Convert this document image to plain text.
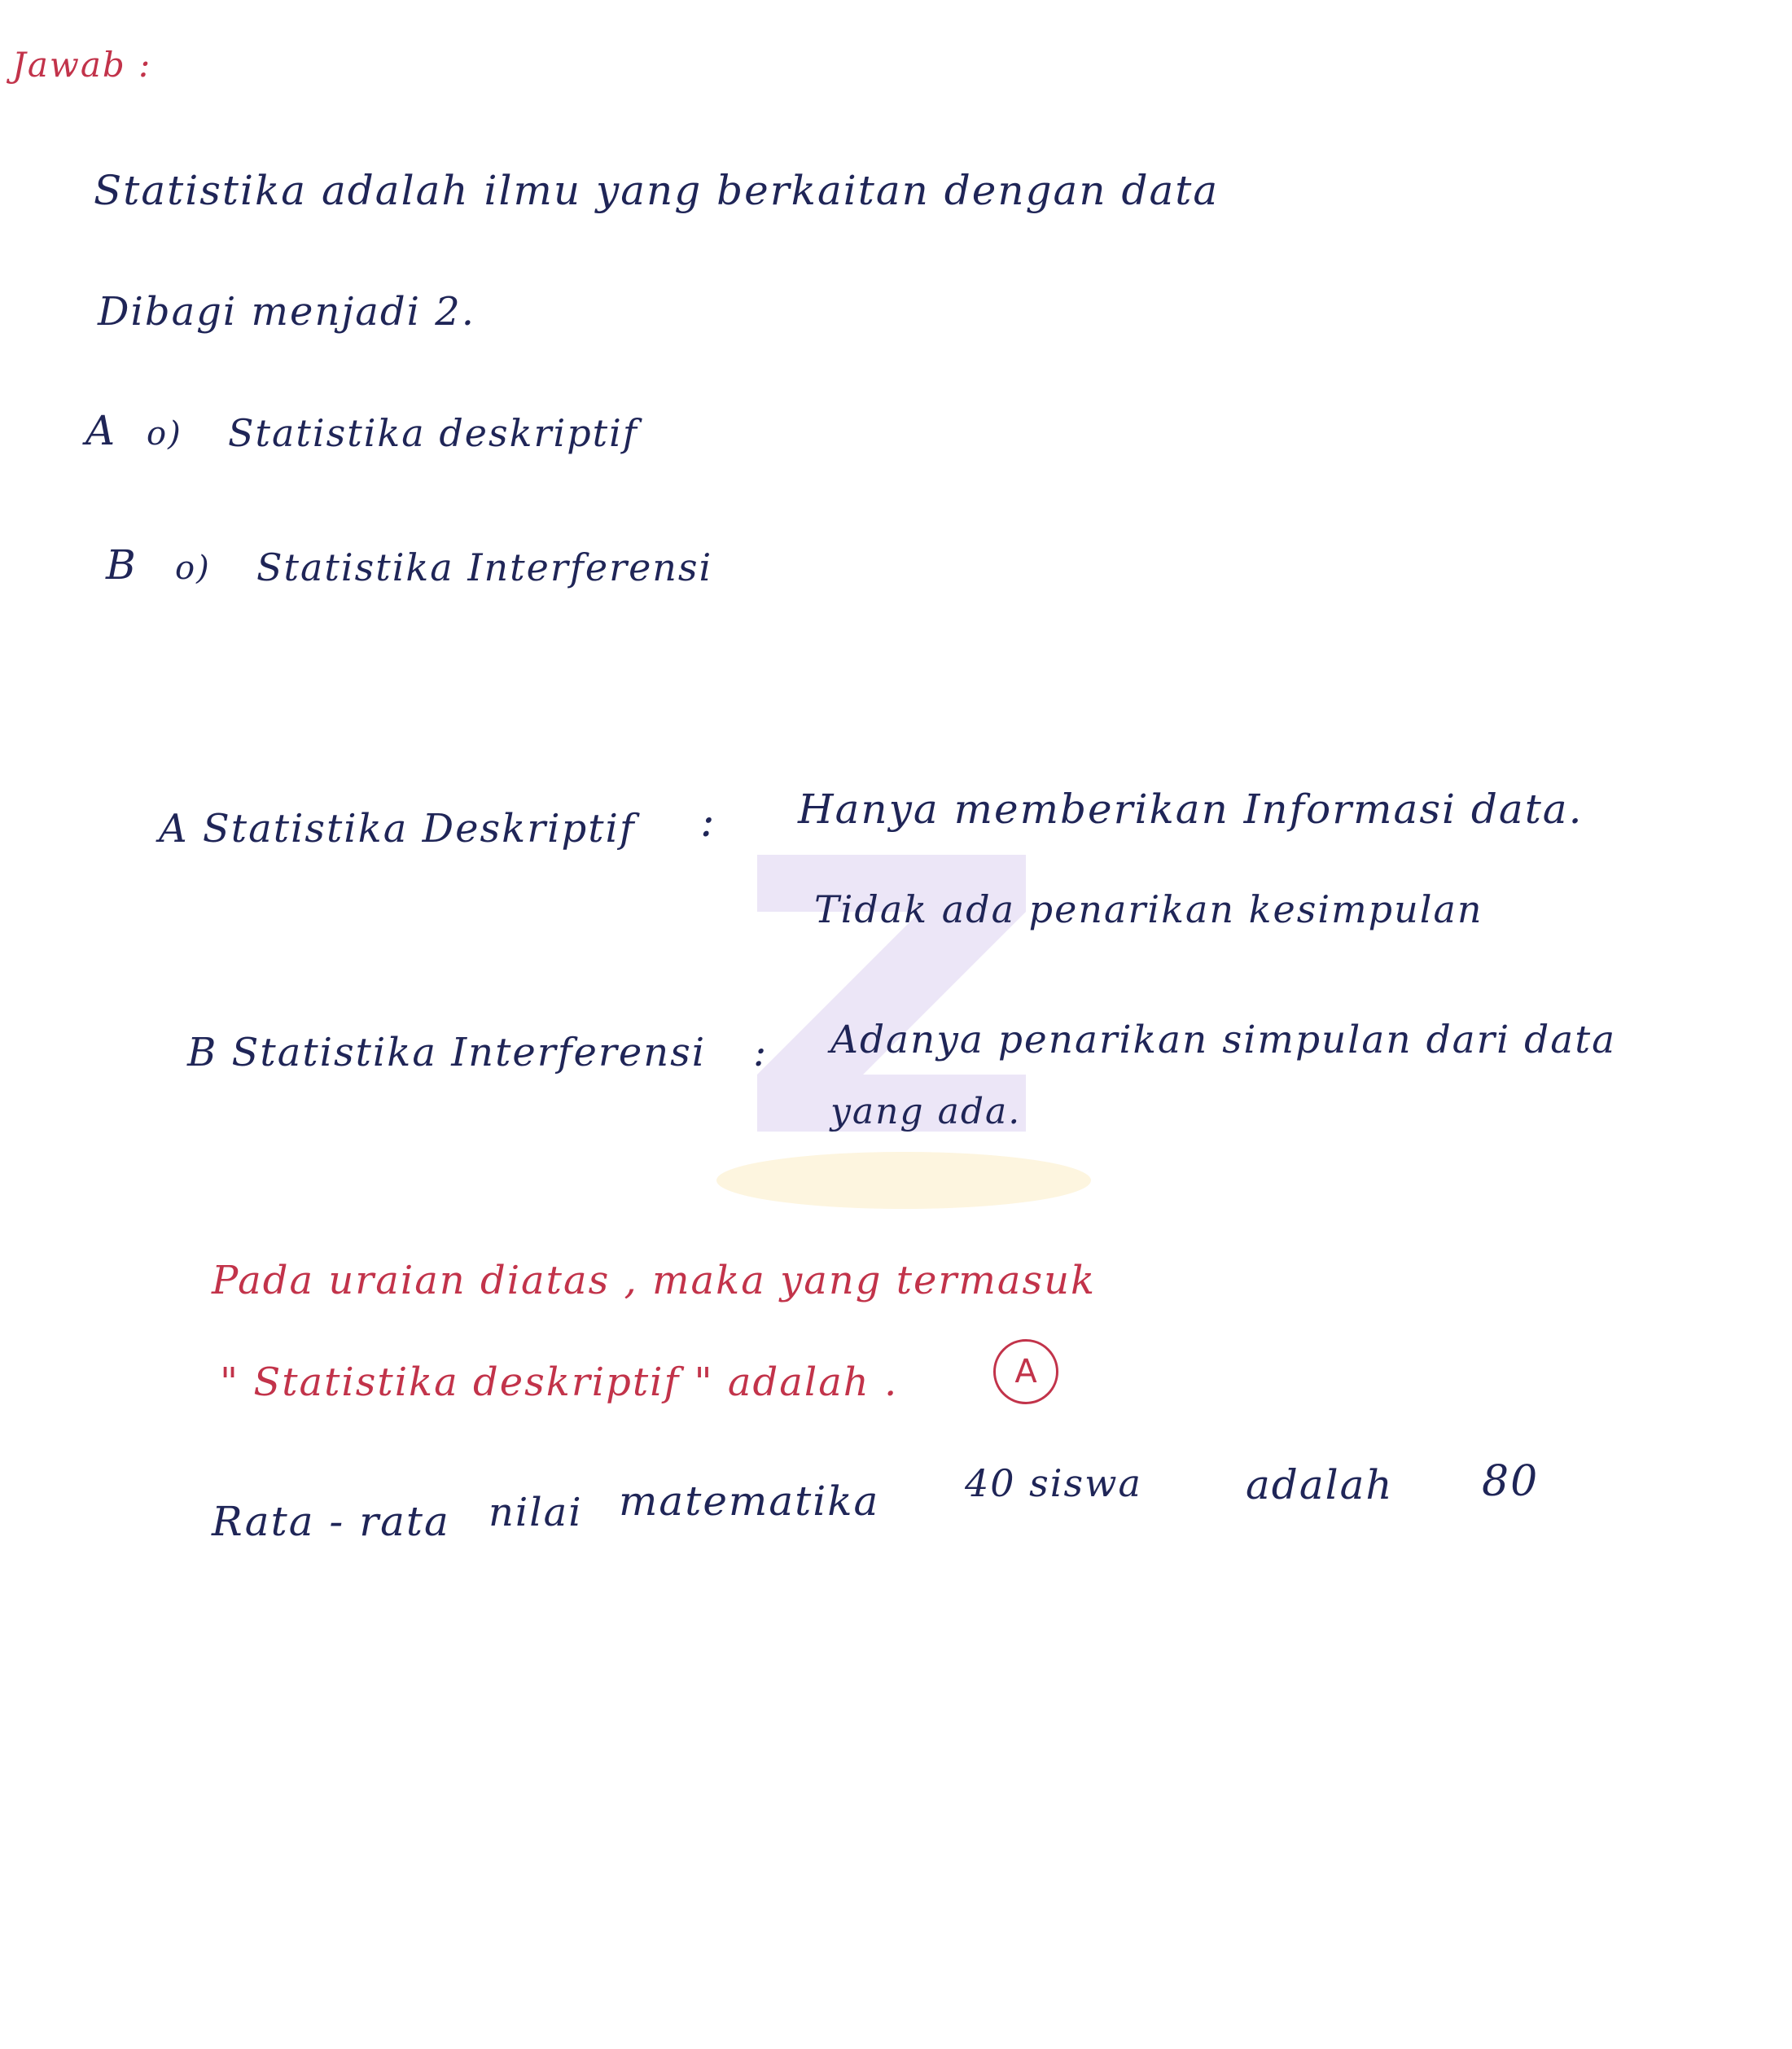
Jawab :
Statistika adalah ilmu yang berkaitan dengan data
Dibagi menjadi 2.
A o) Statistika deskriptif
B o) Statistika Interferensi
A Statistika Deskriptif : Hanya memberikan Informasi data.
Tidak ada penarikan kesimpulan
B Statistika Interferensi : Adanya penarikan simpulan dari data
yang ada.
Pada uraian diatas , maka yang termasuk
" Statistika deskriptif " adalah .	A
Rata - rata nilai matematika 40 siswa	adalah 80
